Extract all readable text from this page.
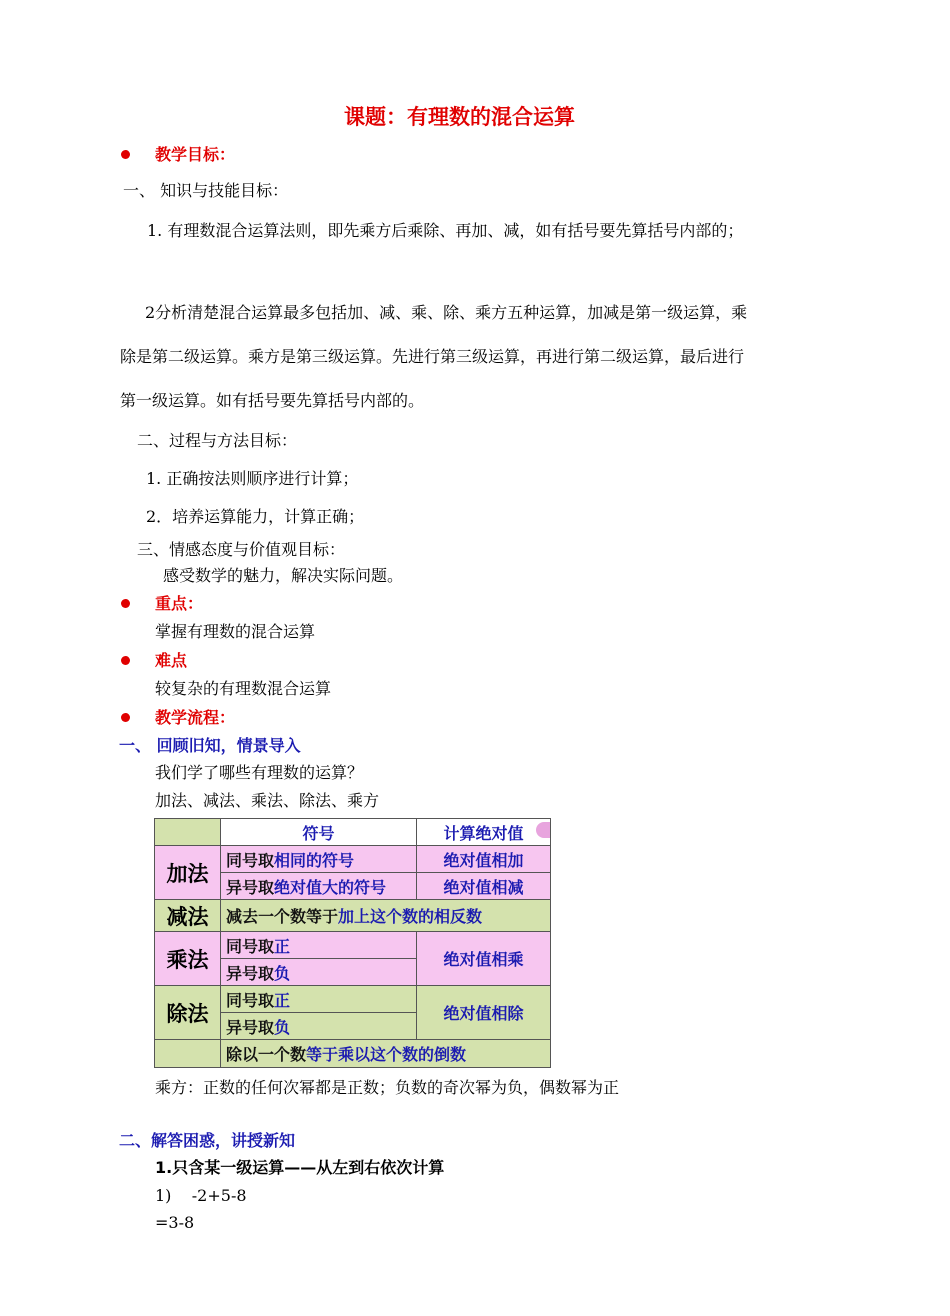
课题：有理数的混合运算
教学目标：
一、 知识与技能目标：
1. 有理数混合运算法则，即先乘方后乘除、再加、减，如有括号要先算括号内部的；
2分析清楚混合运算最多包括加、减、乘、除、乘方五种运算，加减是第一级运算，乘
除是第二级运算。乘方是第三级运算。先进行第三级运算，再进行第二级运算，最后进行
第一级运算。如有括号要先算括号内部的。
二、过程与方法目标：
1. 正确按法则顺序进行计算；
2．培养运算能力，计算正确；
三、情感态度与价值观目标：
感受数学的魅力，解决实际问题。
重点：
掌握有理数的混合运算
难点
较复杂的有理数混合运算
教学流程：
一、 回顾旧知，情景导入
我们学了哪些有理数的运算？
加法、减法、乘法、除法、乘方
	符号	计算绝对值
加法	同号取相同的符号	绝对值相加
	异号取绝对值大的符号	绝对值相减
减法	减去一个数等于加上这个数的相反数	
乘法	同号取正	绝对值相乘
	异号取负	
除法	同号取正	绝对值相除
	异号取负	
	除以一个数等于乘以这个数的倒数	
乘方：正数的任何次幂都是正数；负数的奇次幂为负，偶数幂为正
二、解答困惑，讲授新知
1.只含某一级运算——从左到右依次计算
1)    -2+5-8
=3-8
